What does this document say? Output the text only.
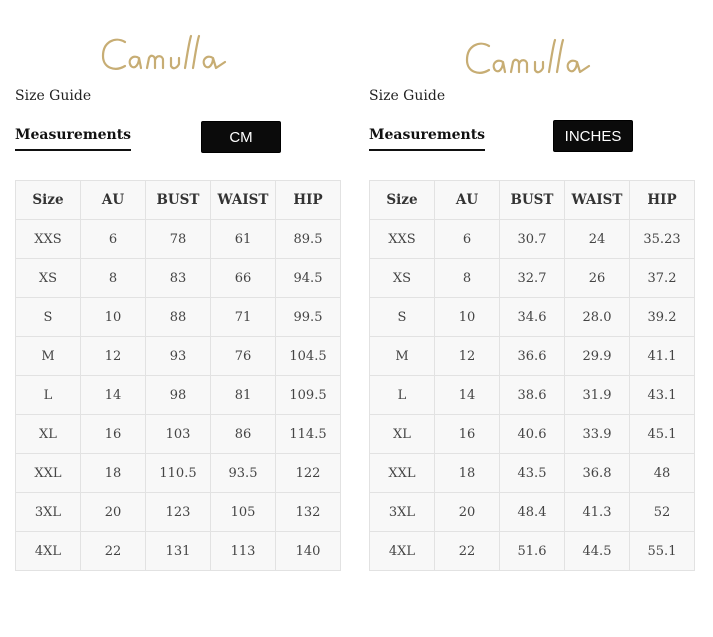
Size Guide
Measurements	CM
Size	AU	BUST	WAIST	HIP
XXS	6	78	61	89.5
XS	8	83	66	94.5
S	10	88	71	99.5
M	12	93	76	104.5
L	14	98	81	109.5
XL	16	103	86	114.5
XXL	18	110.5	93.5	122
3XL	20	123	105	132
4XL	22	131	113	140
Size Guide
Measurements	INCHES
Size	AU	BUST	WAIST	HIP
XXS	6	30.7	24	35.23
XS	8	32.7	26	37.2
S	10	34.6	28.0	39.2
M	12	36.6	29.9	41.1
L	14	38.6	31.9	43.1
XL	16	40.6	33.9	45.1
XXL	18	43.5	36.8	48
3XL	20	48.4	41.3	52
4XL	22	51.6	44.5	55.1
